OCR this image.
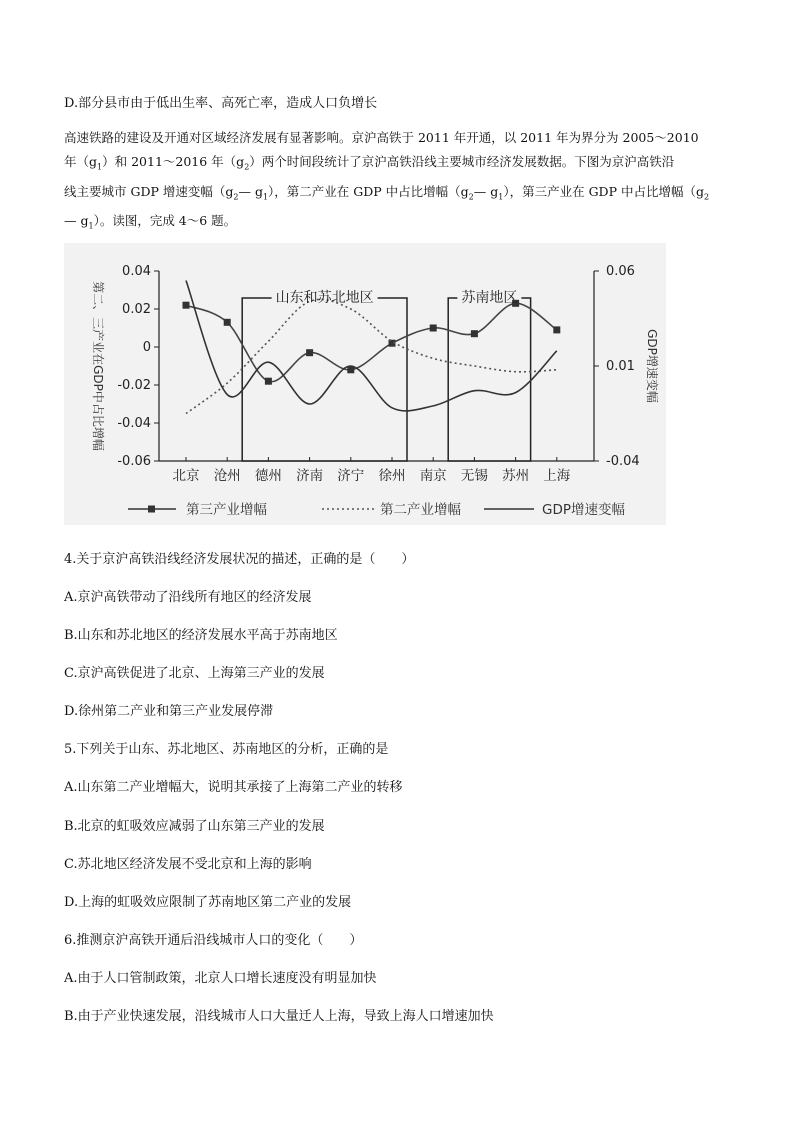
D.部分县市由于低出生率、高死亡率，造成人口负增长
高速铁路的建设及开通对区域经济发展有显著影响。京沪高铁于 2011 年开通，以 2011 年为界分为 2005～2010
年$(g_1)$和 2011～2016 年$(g_2)$两个时间段统计了京沪高铁沿线主要城市经济发展数据。下图为京沪高铁沿
线主要城市 GDP 增速变幅（$g_2—$ $g_1$），第二产业在 GDP 中占比增幅（$g_2—$ $g_1$），第三产业在 GDP 中占比增幅（$g_2$
— $g_1$）。读图，完成 4～6 题。
0.04
0.02
0
-0.02
-0.04
-0.06
0.06
0.01
-0.04
北京 沧州 德州 济南 济宁 徐州 南京 无锡 苏州 上海
第二、三产业在GDP中占比增幅	GDP增速变幅
山东和苏北地区	苏南地区
第三产业增幅	第二产业增幅	GDP增速变幅
4.关于京沪高铁沿线经济发展状况的描述，正确的是（　　）
A.京沪高铁带动了沿线所有地区的经济发展
B.山东和苏北地区的经济发展水平高于苏南地区
C.京沪高铁促进了北京、上海第三产业的发展
D.徐州第二产业和第三产业发展停滞
5.下列关于山东、苏北地区、苏南地区的分析，正确的是
A.山东第二产业增幅大，说明其承接了上海第二产业的转移
B.北京的虹吸效应减弱了山东第三产业的发展
C.苏北地区经济发展不受北京和上海的影响
D.上海的虹吸效应限制了苏南地区第二产业的发展
6.推测京沪高铁开通后沿线城市人口的变化（　　）
A.由于人口管制政策，北京人口增长速度没有明显加快
B.由于产业快速发展，沿线城市人口大量迁人上海，导致上海人口增速加快
